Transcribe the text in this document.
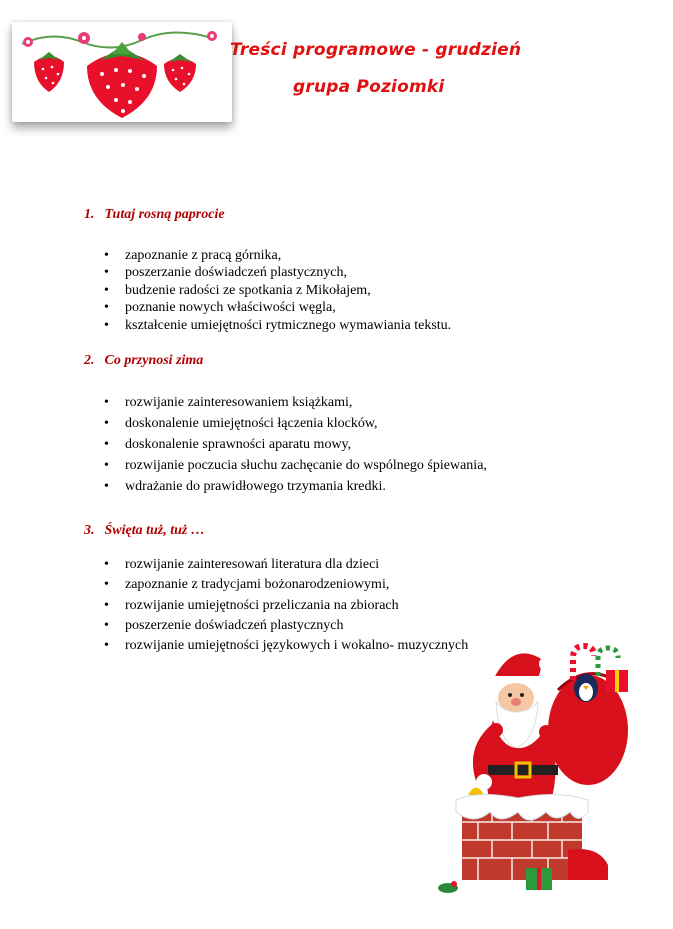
Treści programowe - grudzień
grupa Poziomki

1. Tutaj rosną paprocie

• zapoznanie z pracą górnika,
• poszerzanie doświadczeń plastycznych,
• budzenie radości ze spotkania z Mikołajem,
• poznanie nowych właściwości węgla,
• kształcenie umiejętności rytmicznego wymawiania tekstu.

2. Co przynosi zima

• rozwijanie zainteresowaniem książkami,
• doskonalenie umiejętności łączenia klocków,
• doskonalenie sprawności aparatu mowy,
• rozwijanie poczucia słuchu zachęcanie do wspólnego śpiewania,
• wdrażanie do prawidłowego trzymania kredki.

3. Święta tuż, tuż …

• rozwijanie zainteresowań literatura dla dzieci
• zapoznanie z tradycjami bożonarodzeniowymi,
• rozwijanie umiejętności przeliczania na zbiorach
• poszerzenie doświadczeń plastycznych
• rozwijanie umiejętności językowych i wokalno- muzycznych
